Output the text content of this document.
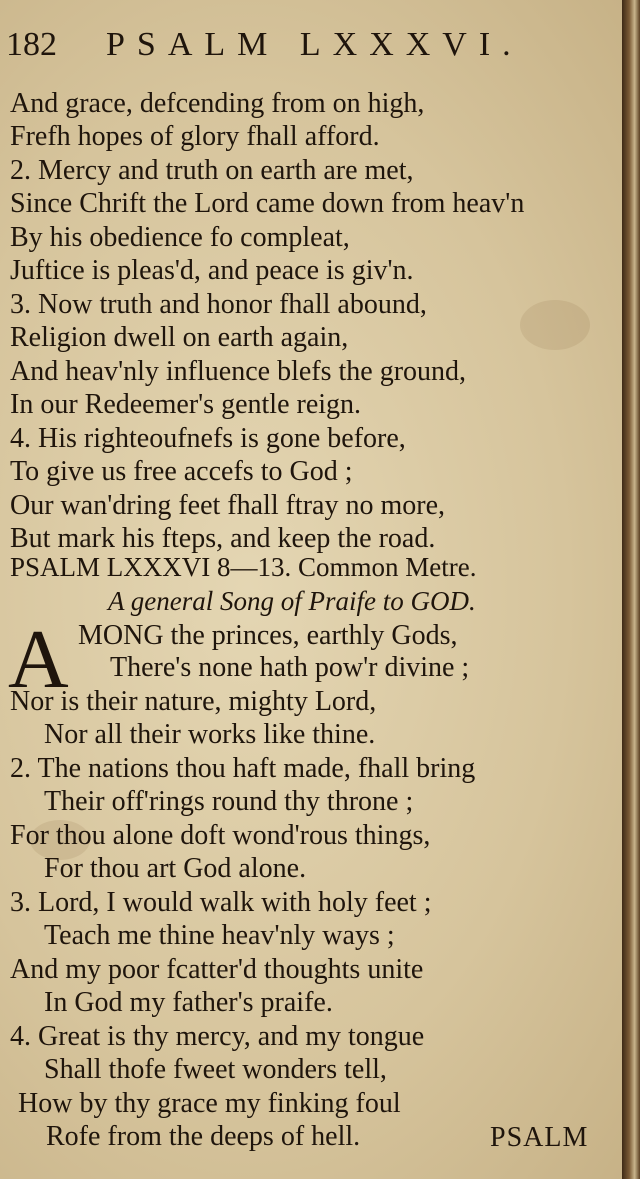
182 PSALM LXXXVI.
And grace, defcending from on high,
Frefh hopes of glory fhall afford.
2. Mercy and truth on earth are met,
Since Chrift the Lord came down from heav'n
By his obedience fo compleat,
Juftice is pleas'd, and peace is giv'n.
3. Now truth and honor fhall abound,
Religion dwell on earth again,
And heav'nly influence blefs the ground,
In our Redeemer's gentle reign.
4. His righteoufnefs is gone before,
To give us free accefs to God ;
Our wan'dring feet fhall ftray no more,
But mark his fteps, and keep the road.
PSALM LXXXVI 8—13. Common Metre.
A general Song of Praife to GOD.
A MONG the princes, earthly Gods,
There's none hath pow'r divine ;
Nor is their nature, mighty Lord,
Nor all their works like thine.
2. The nations thou haft made, fhall bring
Their off'rings round thy throne ;
For thou alone doft wond'rous things,
For thou art God alone.
3. Lord, I would walk with holy feet ;
Teach me thine heav'nly ways ;
And my poor fcatter'd thoughts unite
In God my father's praife.
4. Great is thy mercy, and my tongue
Shall thofe fweet wonders tell,
How by thy grace my finking foul
Rofe from the deeps of hell.	PSALM
